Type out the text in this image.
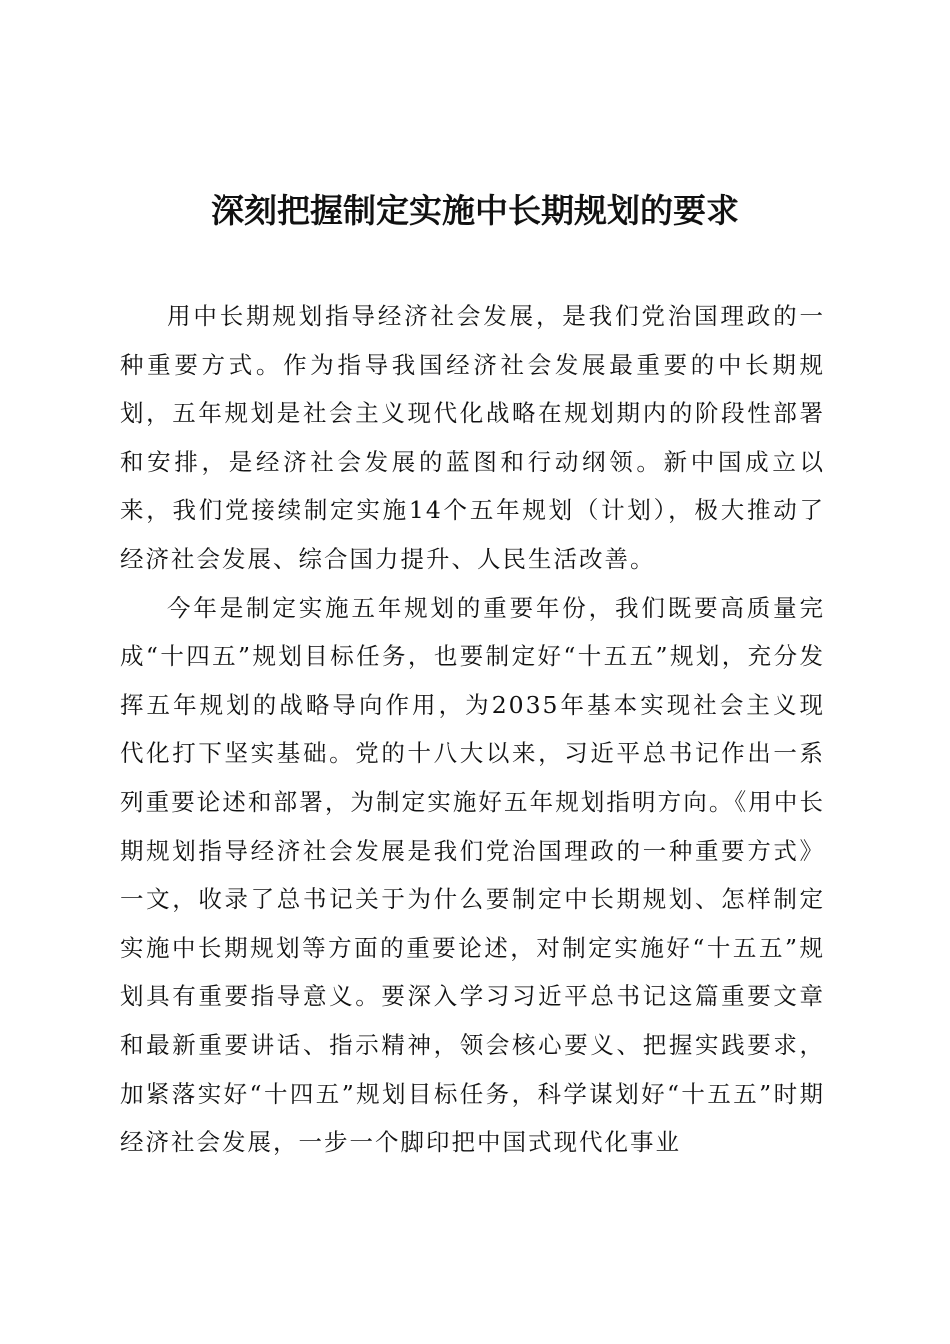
深刻把握制定实施中长期规划的要求

用中长期规划指导经济社会发展，是我们党治国理政的一种重要方式。作为指导我国经济社会发展最重要的中长期规划，五年规划是社会主义现代化战略在规划期内的阶段性部署和安排，是经济社会发展的蓝图和行动纲领。新中国成立以来，我们党接续制定实施14个五年规划（计划），极大推动了经济社会发展、综合国力提升、人民生活改善。

今年是制定实施五年规划的重要年份，我们既要高质量完成“十四五”规划目标任务，也要制定好“十五五”规划，充分发挥五年规划的战略导向作用，为2035年基本实现社会主义现代化打下坚实基础。党的十八大以来，习近平总书记作出一系列重要论述和部署，为制定实施好五年规划指明方向。《用中长期规划指导经济社会发展是我们党治国理政的一种重要方式》一文，收录了总书记关于为什么要制定中长期规划、怎样制定实施中长期规划等方面的重要论述，对制定实施好“十五五”规划具有重要指导意义。要深入学习习近平总书记这篇重要文章和最新重要讲话、指示精神，领会核心要义、把握实践要求，加紧落实好“十四五”规划目标任务，科学谋划好“十五五”时期经济社会发展，一步一个脚印把中国式现代化事业
